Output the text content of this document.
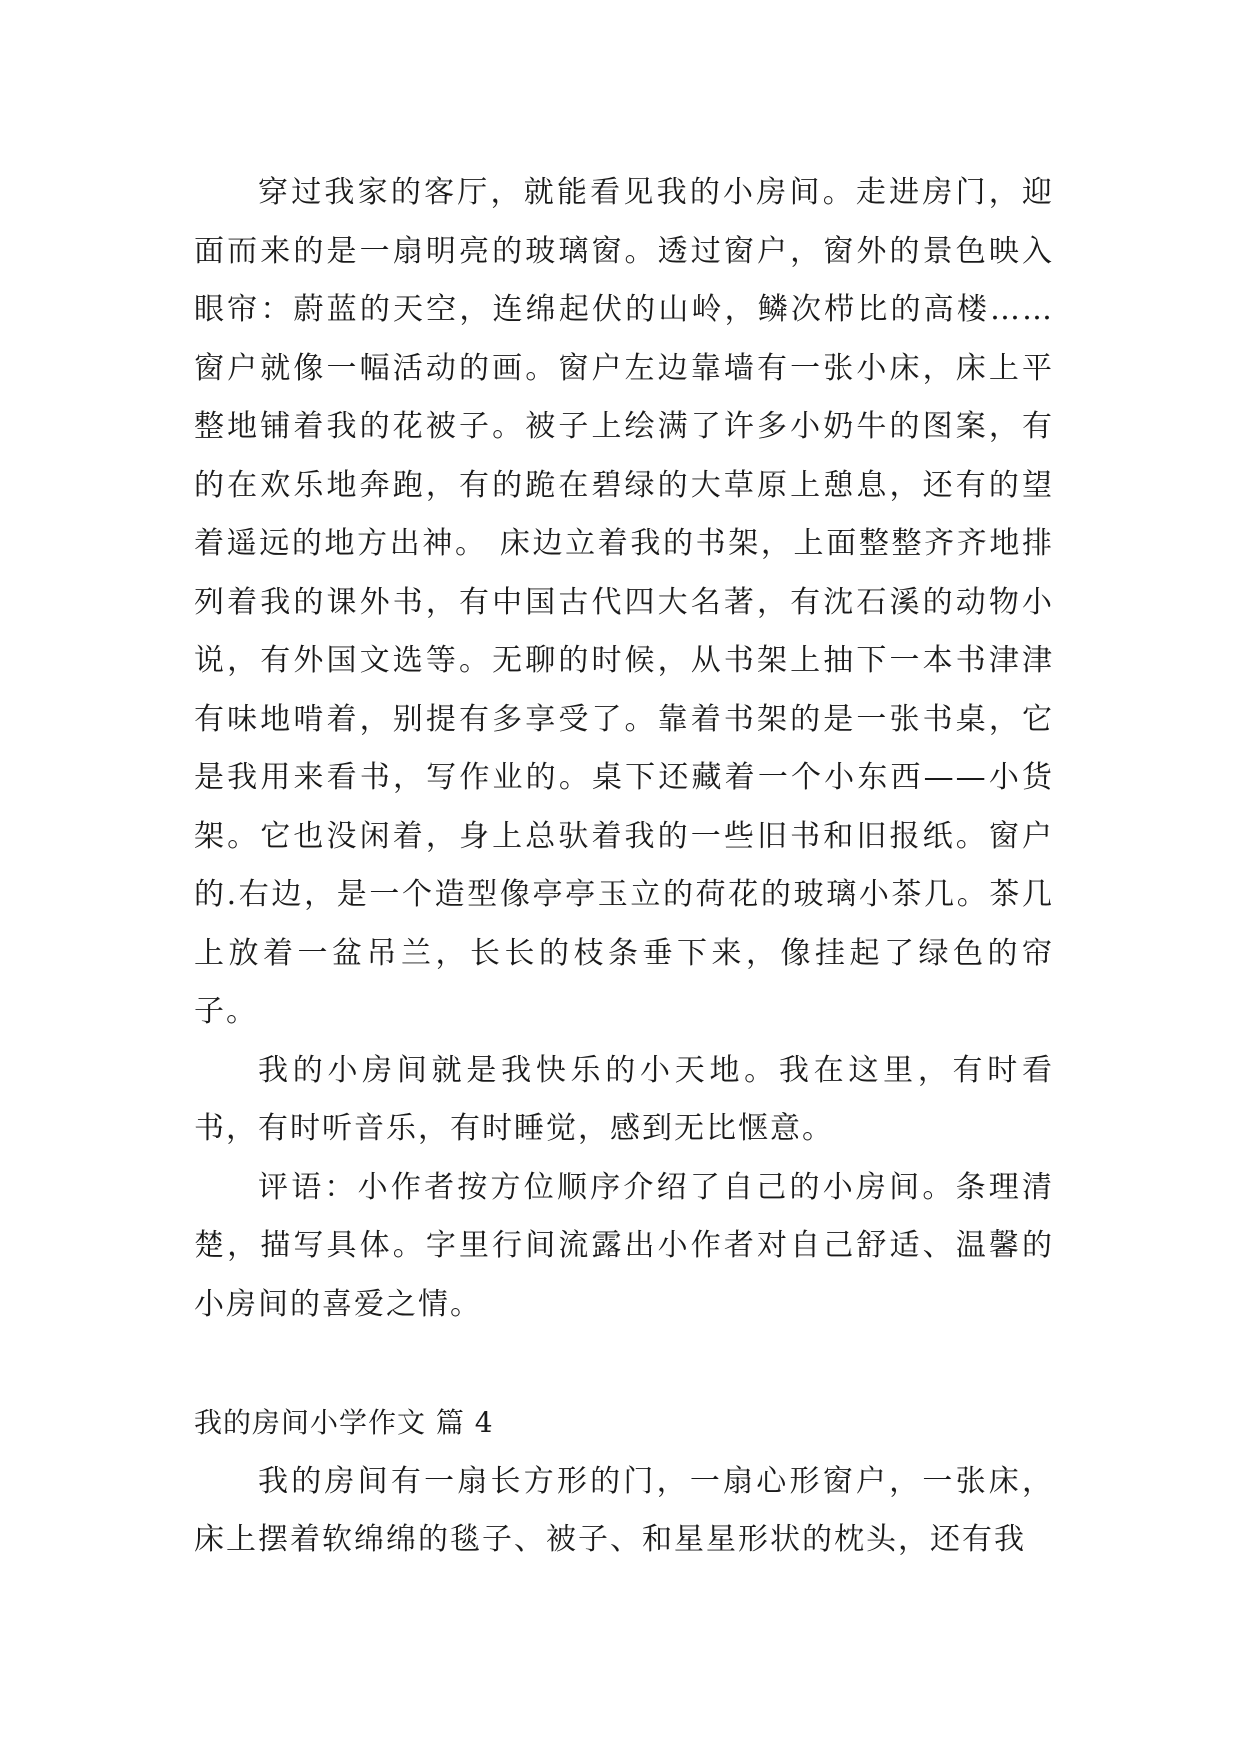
穿过我家的客厅，就能看见我的小房间。走进房门，迎面而来的是一扇明亮的玻璃窗。透过窗户，窗外的景色映入眼帘：蔚蓝的天空，连绵起伏的山岭，鳞次栉比的高楼……窗户就像一幅活动的画。窗户左边靠墙有一张小床，床上平整地铺着我的花被子。被子上绘满了许多小奶牛的图案，有的在欢乐地奔跑，有的跪在碧绿的大草原上憩息，还有的望着遥远的地方出神。 床边立着我的书架，上面整整齐齐地排列着我的课外书，有中国古代四大名著，有沈石溪的动物小说，有外国文选等。无聊的时候，从书架上抽下一本书津津有味地啃着，别提有多享受了。靠着书架的是一张书桌，它是我用来看书，写作业的。桌下还藏着一个小东西——小货架。它也没闲着，身上总驮着我的一些旧书和旧报纸。窗户的.右边，是一个造型像亭亭玉立的荷花的玻璃小茶几。茶几上放着一盆吊兰，长长的枝条垂下来，像挂起了绿色的帘子。

我的小房间就是我快乐的小天地。我在这里，有时看书，有时听音乐，有时睡觉，感到无比惬意。

评语：小作者按方位顺序介绍了自己的小房间。条理清楚，描写具体。字里行间流露出小作者对自己舒适、温馨的小房间的喜爱之情。

我的房间小学作文 篇 4

我的房间有一扇长方形的门，一扇心形窗户，一张床，床上摆着软绵绵的毯子、被子、和星星形状的枕头，还有我
